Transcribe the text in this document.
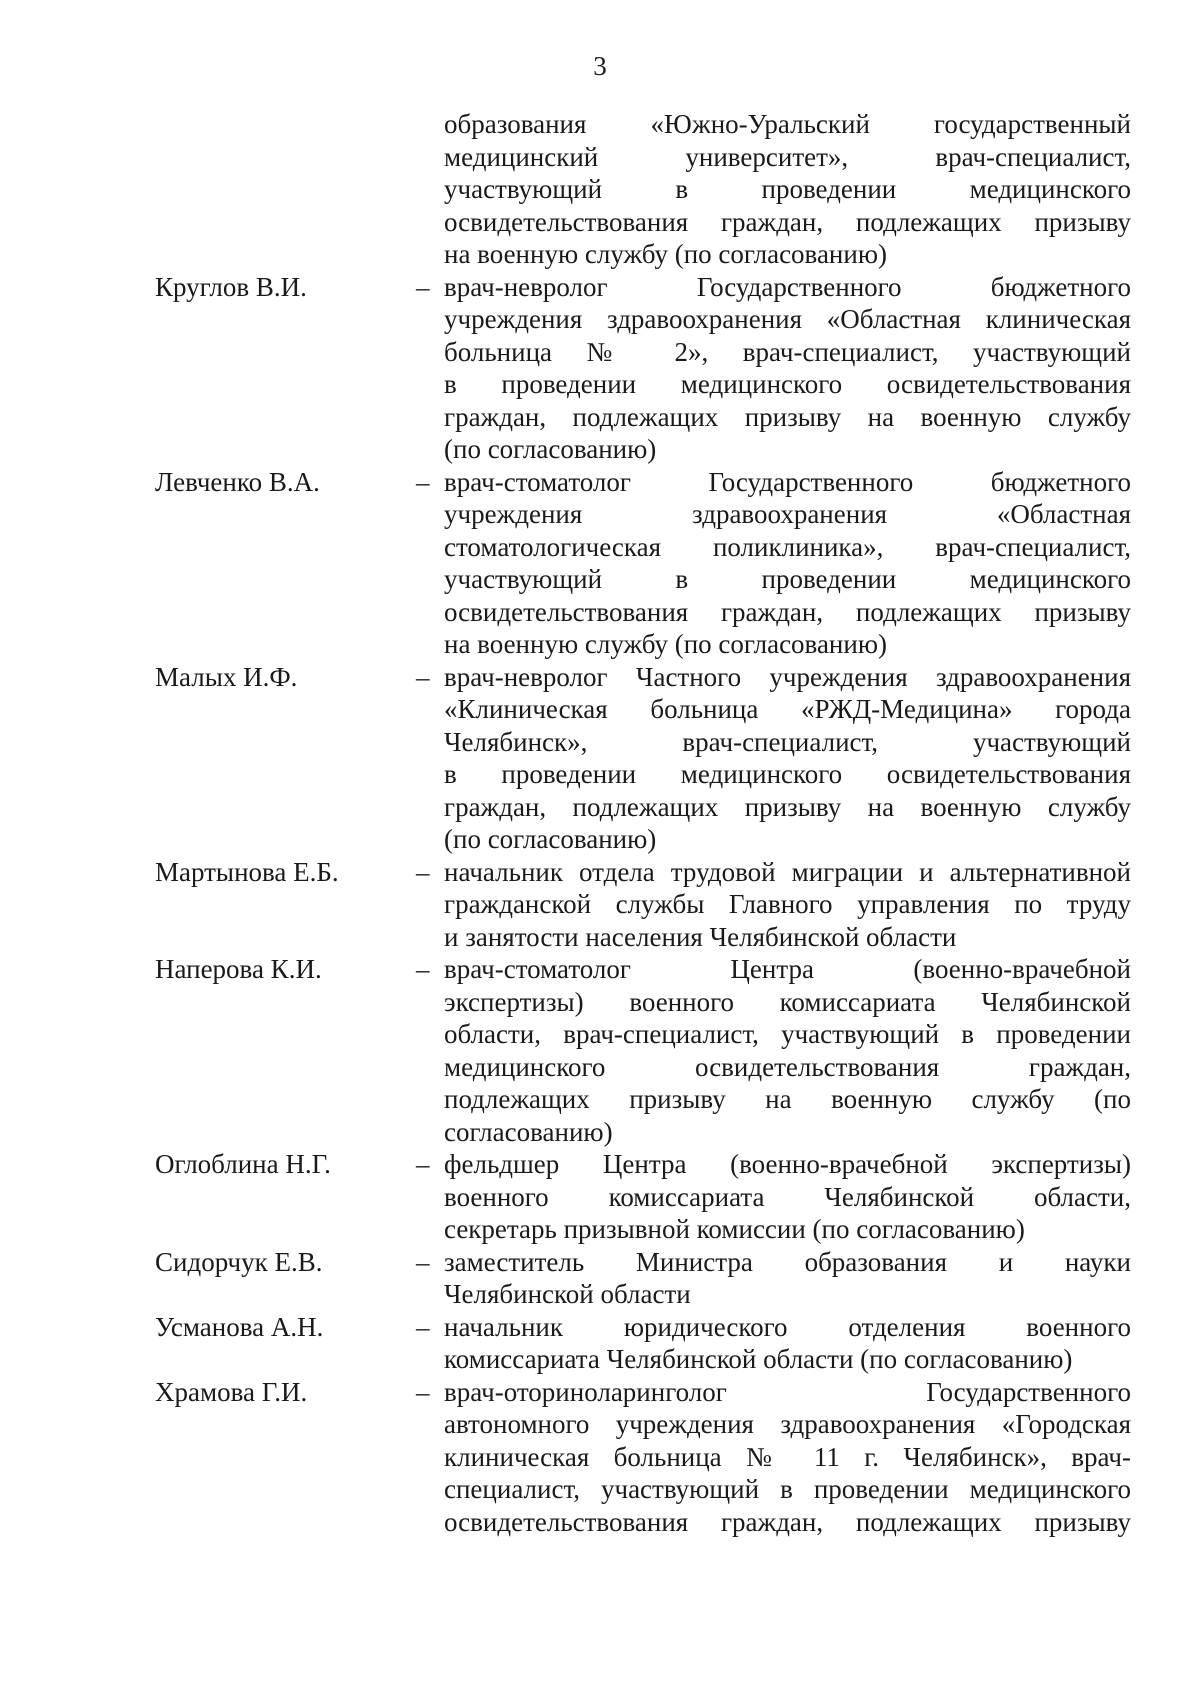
3
образования «Южно-Уральский государственный
медицинский университет», врач-специалист,
участвующий в проведении медицинского
освидетельствования граждан, подлежащих призыву
на военную службу (по согласованию)
Круглов В.И.	– врач-невролог Государственного бюджетного
учреждения здравоохранения «Областная клиническая
больница № 2», врач-специалист, участвующий
в проведении медицинского освидетельствования
граждан, подлежащих призыву на военную службу
(по согласованию)
Левченко В.А.	– врач-стоматолог Государственного бюджетного
учреждения здравоохранения «Областная
стоматологическая поликлиника», врач-специалист,
участвующий в проведении медицинского
освидетельствования граждан, подлежащих призыву
на военную службу (по согласованию)
Малых И.Ф.	– врач-невролог Частного учреждения здравоохранения
«Клиническая больница «РЖД-Медицина» города
Челябинск», врач-специалист, участвующий
в проведении медицинского освидетельствования
граждан, подлежащих призыву на военную службу
(по согласованию)
Мартынова Е.Б.	– начальник отдела трудовой миграции и альтернативной
гражданской службы Главного управления по труду
и занятости населения Челябинской области
Наперова К.И.	– врач-стоматолог Центра (военно-врачебной
экспертизы) военного комиссариата Челябинской
области, врач-специалист, участвующий в проведении
медицинского освидетельствования граждан,
подлежащих призыву на военную службу (по
согласованию)
Оглоблина Н.Г.	– фельдшер Центра (военно-врачебной экспертизы)
военного комиссариата Челябинской области,
секретарь призывной комиссии (по согласованию)
Сидорчук Е.В.	– заместитель Министра образования и науки
Челябинской области
Усманова А.Н.	– начальник юридического отделения военного
комиссариата Челябинской области (по согласованию)
Храмова Г.И.	– врач-оториноларинголог Государственного
автономного учреждения здравоохранения «Городская
клиническая больница № 11 г. Челябинск», врач-
специалист, участвующий в проведении медицинского
освидетельствования граждан, подлежащих призыву
